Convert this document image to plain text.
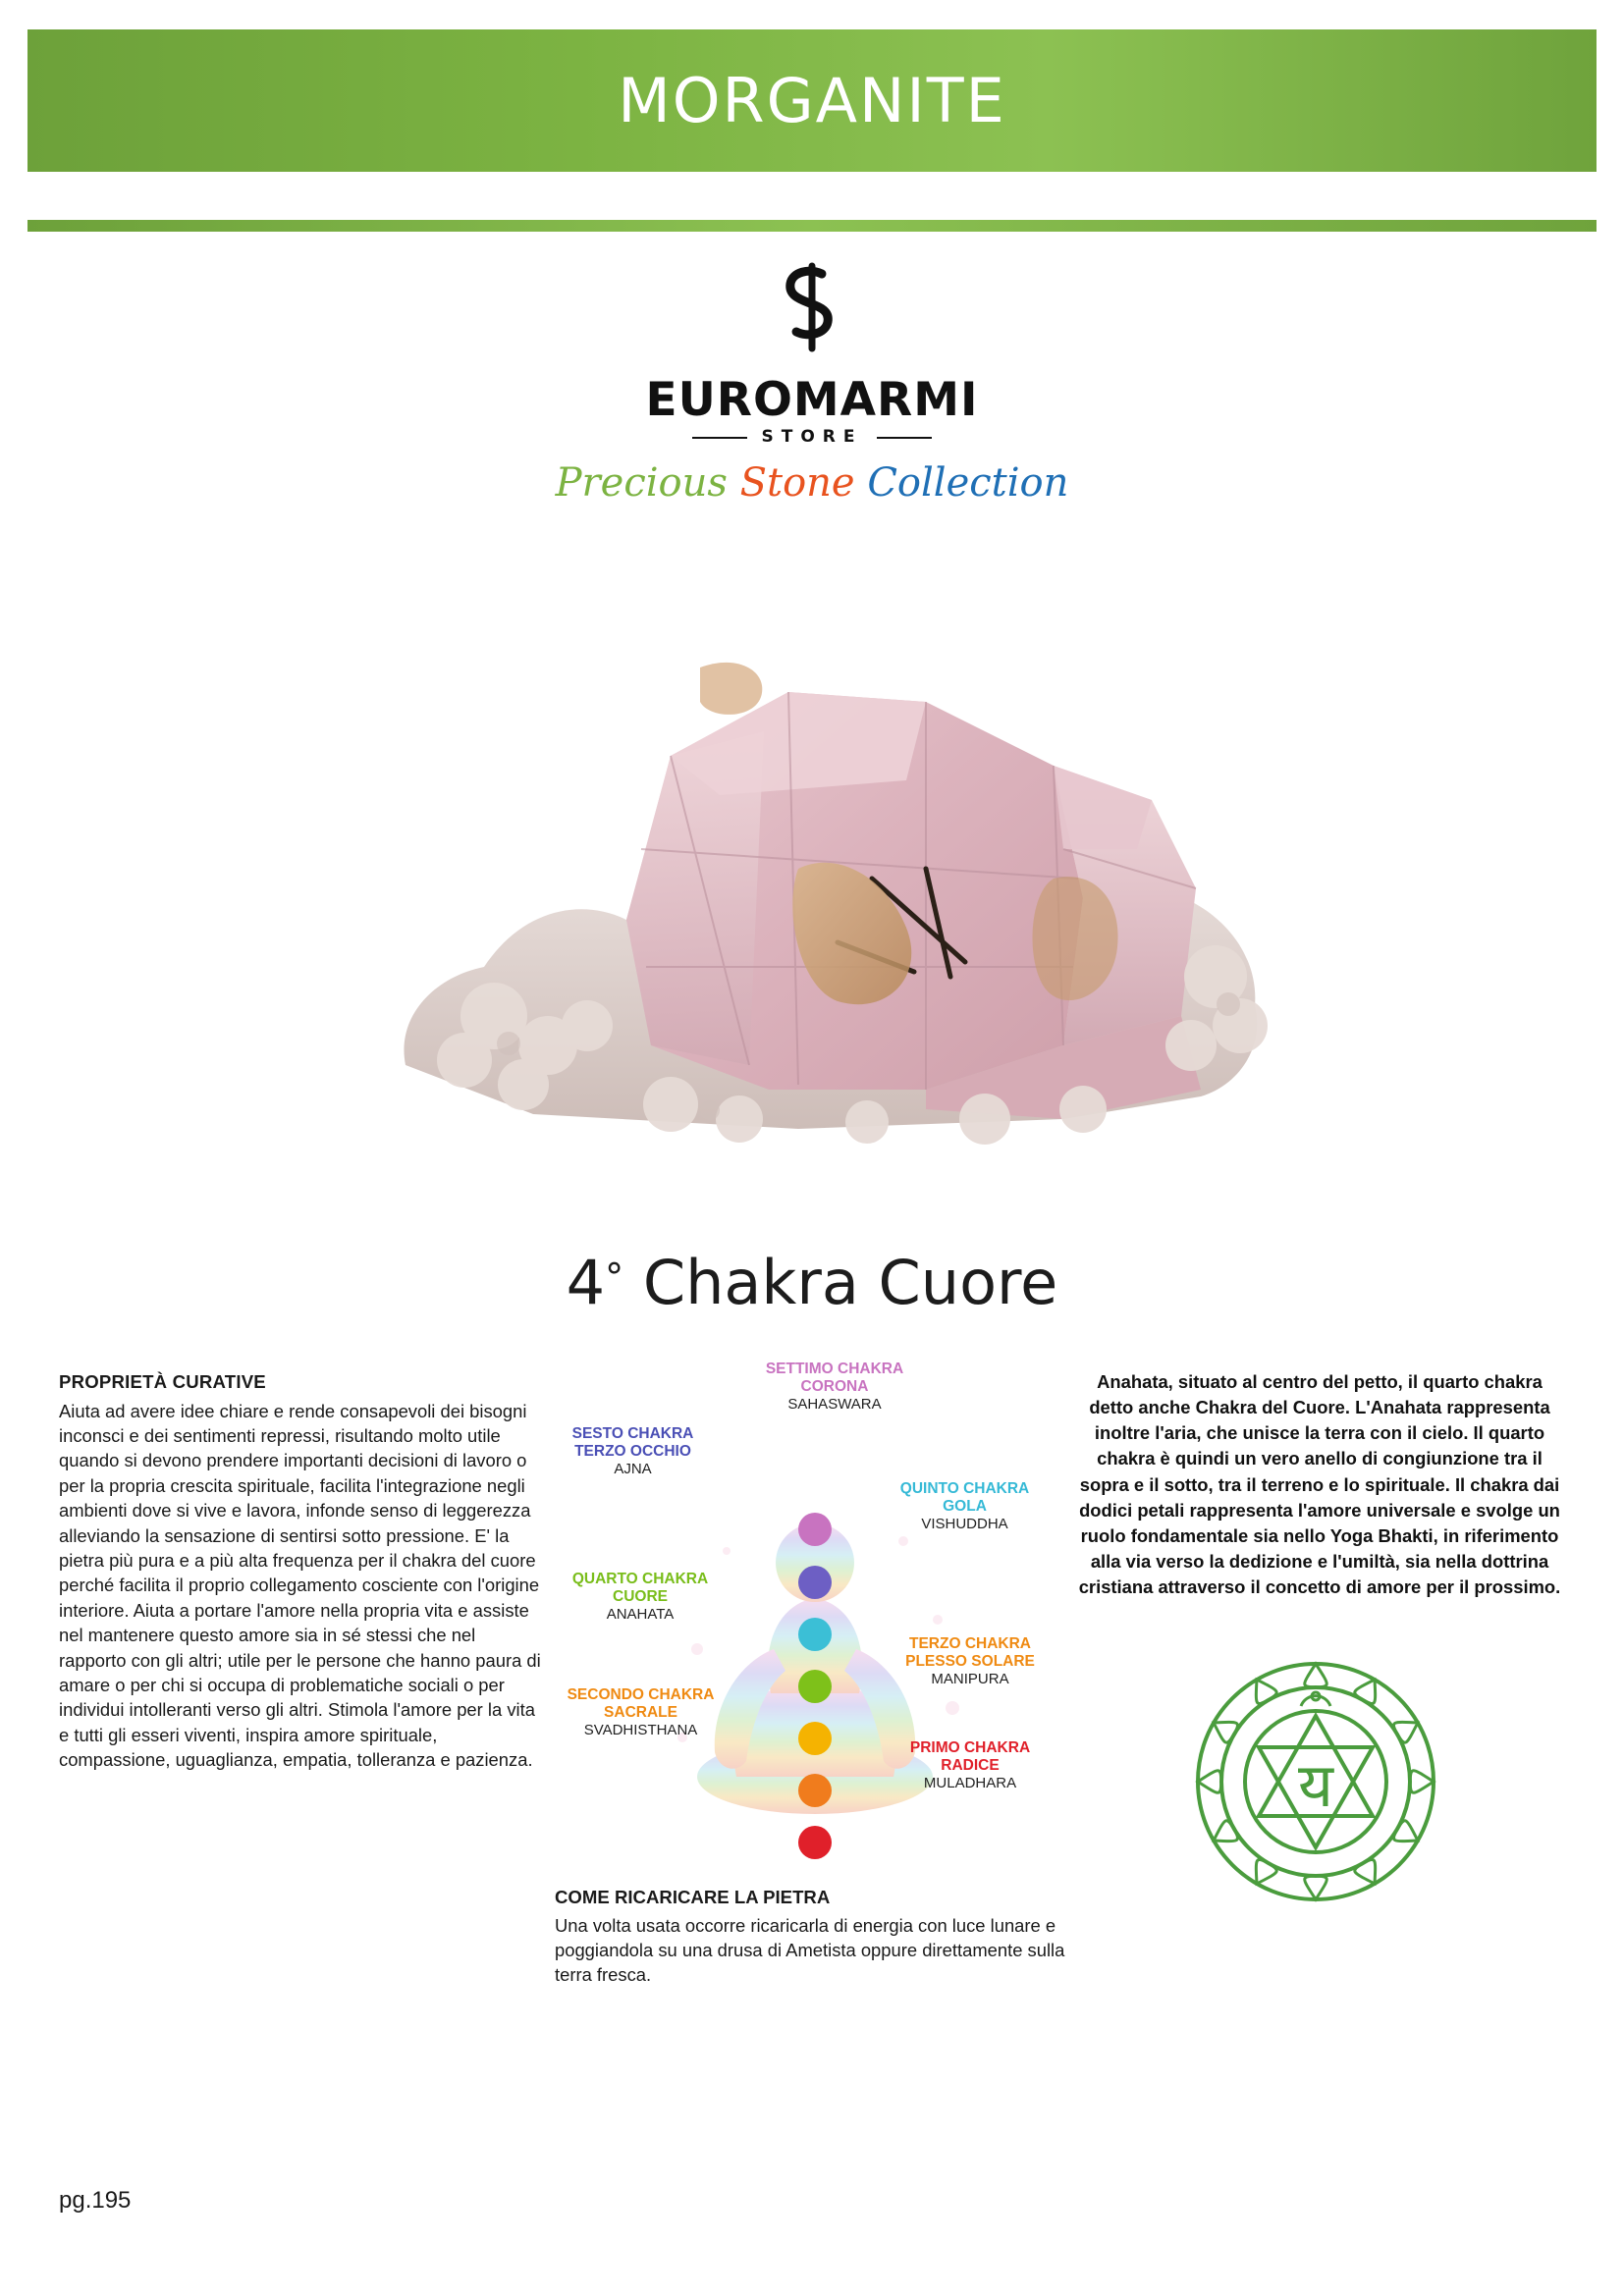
MORGANITE
EUROMARMI
STORE
Precious Stone Collection
4° Chakra Cuore
PROPRIETÀ CURATIVE

Aiuta ad avere idee chiare e rende consapevoli dei bisogni inconsci e dei sentimenti repressi, risultando molto utile quando si devono prendere importanti decisioni di lavoro o per la propria crescita spirituale, facilita l'integrazione negli ambienti dove si vive e lavora, infonde senso di leggerezza alleviando la sensazione di sentirsi sotto pressione. E' la pietra più pura e a più alta frequenza per il chakra del cuore perché facilita il proprio collegamento cosciente con l'origine interiore. Aiuta a portare l'amore nella propria vita e assiste nel mantenere questo amore sia in sé stessi che nel rapporto con gli altri; utile per le persone che hanno paura di amare o per chi si occupa di problematiche sociali o per individui intolleranti verso gli altri. Stimola l'amore per la vita e tutti gli esseri viventi, inspira amore spirituale, compassione, uguaglianza, empatia, tolleranza e pazienza.

SETTIMO CHAKRA
CORONA
SAHASWARA
SESTO CHAKRA
TERZO OCCHIO
AJNA
QUINTO CHAKRA
GOLA
VISHUDDHA
QUARTO CHAKRA
CUORE
ANAHATA
TERZO CHAKRA
PLESSO SOLARE
MANIPURA
SECONDO CHAKRA
SACRALE
SVADHISTHANA
PRIMO CHAKRA
RADICE
MULADHARA

Anahata, situato al centro del petto, il quarto chakra detto anche Chakra del Cuore. L'Anahata rappresenta inoltre l'aria, che unisce la terra con il cielo. Il quarto chakra è quindi un vero anello di congiunzione tra il sopra e il sotto, tra il terreno e lo spirituale. Il chakra dai dodici petali rappresenta l'amore universale e svolge un ruolo fondamentale sia nello Yoga Bhakti, in riferimento alla via verso la dedizione e l'umiltà, sia nella dottrina cristiana attraverso il concetto di amore per il prossimo.

य
COME RICARICARE LA PIETRA

Una volta usata occorre ricaricarla di energia con luce lunare e poggiandola su una drusa di Ametista oppure direttamente sulla terra fresca.

pg.195
